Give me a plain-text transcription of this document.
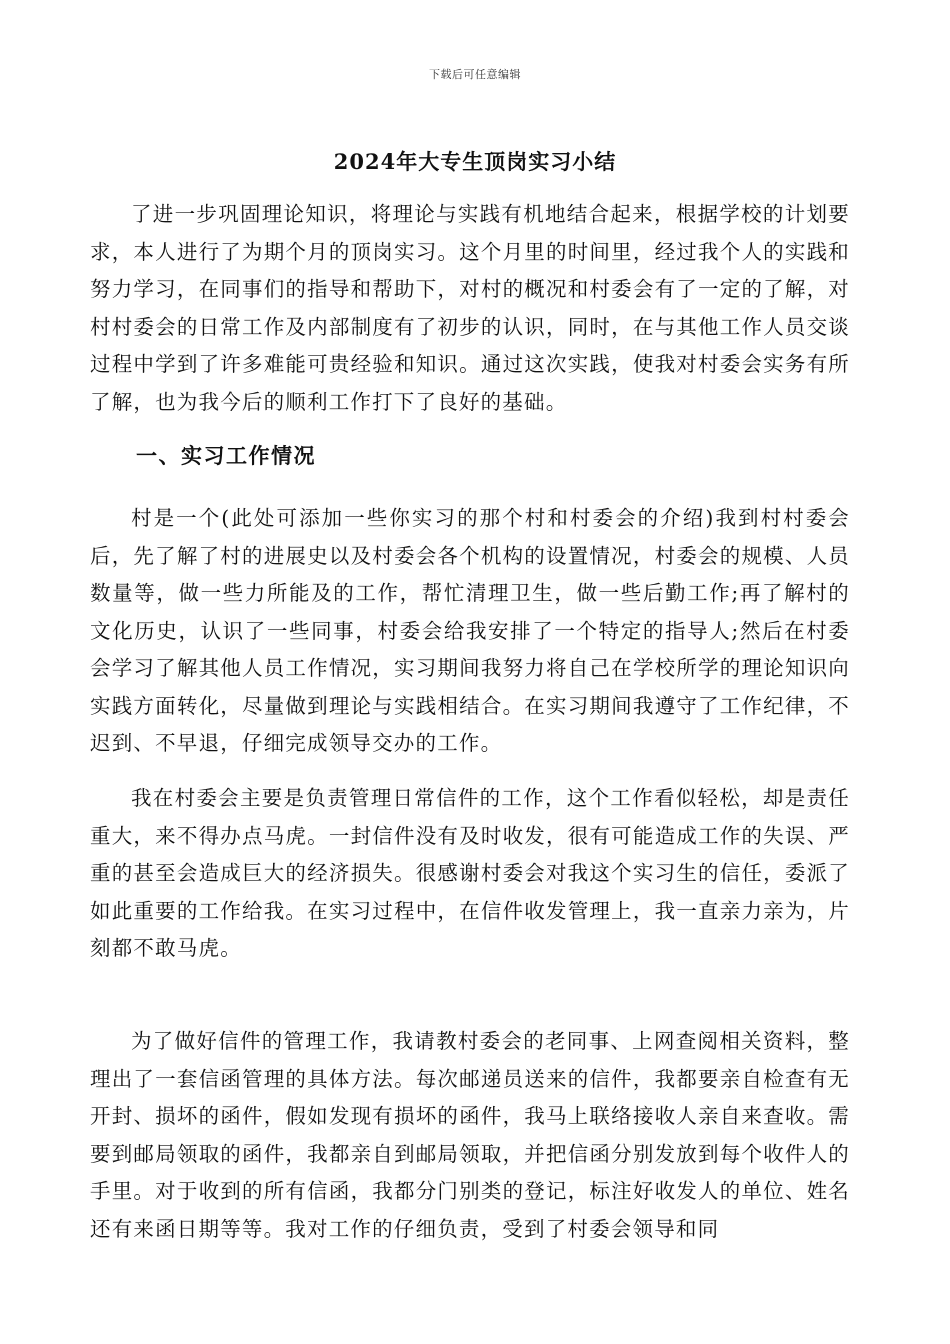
下载后可任意编辑
2024年大专生顶岗实习小结

了进一步巩固理论知识，将理论与实践有机地结合起来，根据学校的计划要求，本人进行了为期个月的顶岗实习。这个月里的时间里，经过我个人的实践和努力学习，在同事们的指导和帮助下，对村的概况和村委会有了一定的了解，对村村委会的日常工作及内部制度有了初步的认识，同时，在与其他工作人员交谈过程中学到了许多难能可贵经验和知识。通过这次实践，使我对村委会实务有所了解，也为我今后的顺利工作打下了良好的基础。

一、实习工作情况

村是一个(此处可添加一些你实习的那个村和村委会的介绍)我到村村委会后，先了解了村的进展史以及村委会各个机构的设置情况，村委会的规模、人员数量等，做一些力所能及的工作，帮忙清理卫生，做一些后勤工作;再了解村的文化历史，认识了一些同事，村委会给我安排了一个特定的指导人;然后在村委会学习了解其他人员工作情况，实习期间我努力将自己在学校所学的理论知识向实践方面转化，尽量做到理论与实践相结合。在实习期间我遵守了工作纪律，不迟到、不早退，仔细完成领导交办的工作。

我在村委会主要是负责管理日常信件的工作，这个工作看似轻松，却是责任重大，来不得办点马虎。一封信件没有及时收发，很有可能造成工作的失误、严重的甚至会造成巨大的经济损失。很感谢村委会对我这个实习生的信任，委派了如此重要的工作给我。在实习过程中，在信件收发管理上，我一直亲力亲为，片刻都不敢马虎。

为了做好信件的管理工作，我请教村委会的老同事、上网查阅相关资料，整理出了一套信函管理的具体方法。每次邮递员送来的信件，我都要亲自检查有无开封、损坏的函件，假如发现有损坏的函件，我马上联络接收人亲自来查收。需要到邮局领取的函件，我都亲自到邮局领取，并把信函分别发放到每个收件人的手里。对于收到的所有信函，我都分门别类的登记，标注好收发人的单位、姓名还有来函日期等等。我对工作的仔细负责，受到了村委会领导和同
